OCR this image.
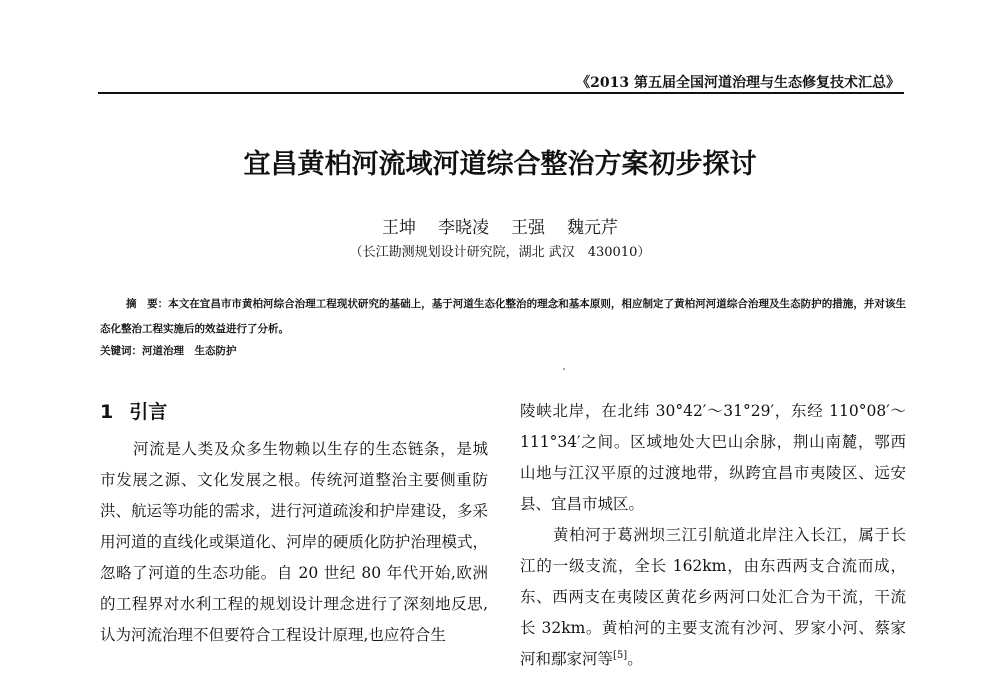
《2013 第五届全国河道治理与生态修复技术汇总》
宜昌黄柏河流域河道综合整治方案初步探讨
王坤 李晓凌 王强 魏元芹
（长江勘测规划设计研究院，湖北 武汉　430010）
摘　要：本文在宜昌市市黄柏河综合治理工程现状研究的基础上，基于河道生态化整治的理念和基本原则，相应制定了黄柏河河道综合治理及生态防护的措施，并对该生态化整治工程实施后的效益进行了分析。
关键词：河道治理　生态防护
1 引言

河流是人类及众多生物赖以生存的生态链条，是城市发展之源、文化发展之根。传统河道整治主要侧重防洪、航运等功能的需求，进行河道疏浚和护岸建设，多采用河道的直线化或渠道化、河岸的硬质化防护治理模式，忽略了河道的生态功能。自 20 世纪 80 年代开始,欧洲的工程界对水利工程的规划设计理念进行了深刻地反思,认为河流治理不但要符合工程设计原理,也应符合生

陵峡北岸，在北纬 30°42′～31°29′，东经 110°08′～111°34′之间。区域地处大巴山余脉，荆山南麓，鄂西山地与江汉平原的过渡地带，纵跨宜昌市夷陵区、远安县、宜昌市城区。

黄柏河于葛洲坝三江引航道北岸注入长江，属于长江的一级支流，全长 162km，由东西两支合流而成，东、西两支在夷陵区黄花乡两河口处汇合为干流，干流长 32km。黄柏河的主要支流有沙河、罗家小河、蔡家河和鄢家河等[5]。
